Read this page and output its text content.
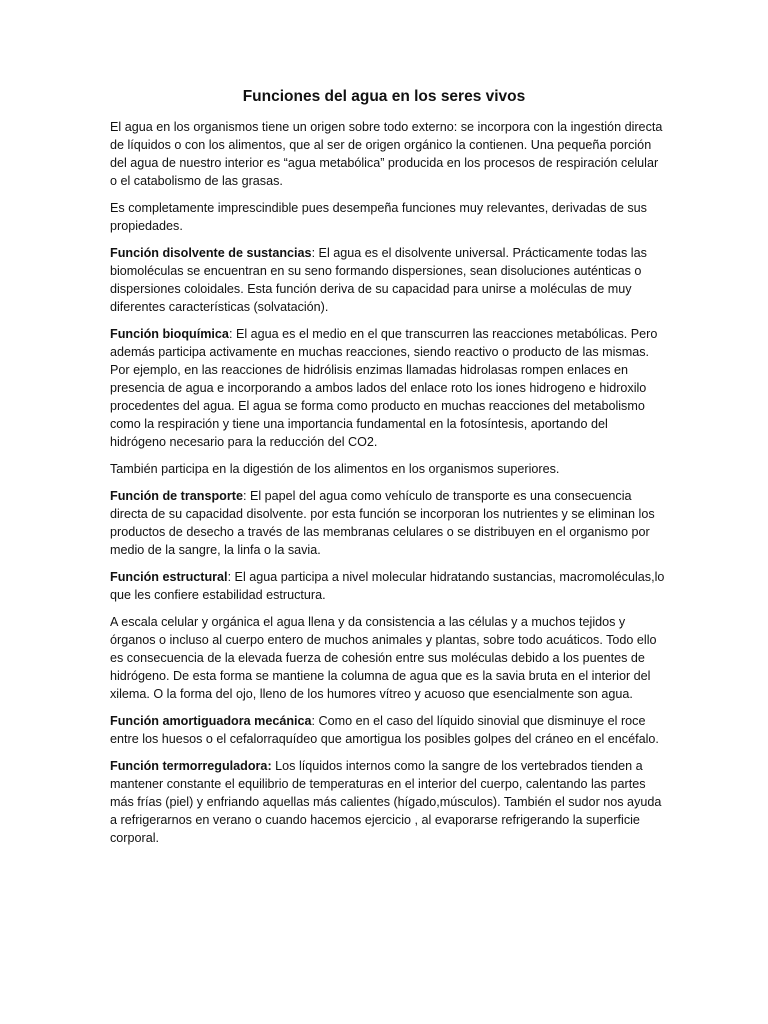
Funciones del agua en los seres vivos

El agua en los organismos tiene un origen sobre todo externo: se incorpora con la ingestión directa de líquidos o con los alimentos, que al ser de origen orgánico la contienen. Una pequeña porción del agua de nuestro interior es “agua metabólica” producida en los procesos de respiración celular o el catabolismo de las grasas.

Es completamente imprescindible pues desempeña funciones muy relevantes, derivadas de sus propiedades.

Función disolvente de sustancias: El agua es el disolvente universal. Prácticamente todas las biomoléculas se encuentran en su seno formando dispersiones, sean disoluciones auténticas o dispersiones coloidales. Esta función deriva de su capacidad para unirse a moléculas de muy diferentes características (solvatación).

Función bioquímica: El agua es el medio en el que transcurren las reacciones metabólicas. Pero además participa activamente en muchas reacciones, siendo reactivo o producto de las mismas. Por ejemplo, en las reacciones de hidrólisis enzimas llamadas hidrolasas rompen enlaces en presencia de agua e incorporando a ambos lados del enlace roto los iones hidrogeno e hidroxilo procedentes del agua. El agua se forma como producto en muchas reacciones del metabolismo como la respiración y tiene una importancia fundamental en la fotosíntesis, aportando del hidrógeno necesario para la reducción del CO2.

También participa en la digestión de los alimentos en los organismos superiores.

Función de transporte: El papel del agua como vehículo de transporte es una consecuencia directa de su capacidad disolvente. por esta función se incorporan los nutrientes y se eliminan los productos de desecho a través de las membranas celulares o se distribuyen en el organismo por medio de la sangre, la linfa o la savia.

Función estructural: El agua participa a nivel molecular hidratando sustancias, macromoléculas,lo que les confiere estabilidad estructura.

A escala celular y orgánica el agua llena y da consistencia a las células y a muchos tejidos y órganos o incluso al cuerpo entero de muchos animales y plantas, sobre todo acuáticos. Todo ello es consecuencia de la elevada fuerza de cohesión entre sus moléculas debido a los puentes de hidrógeno. De esta forma se mantiene la columna de agua que es la savia bruta en el interior del xilema. O la forma del ojo, lleno de los humores vítreo y acuoso que esencialmente son agua.

Función amortiguadora mecánica: Como en el caso del líquido sinovial que disminuye el roce entre los huesos o el cefalorraquídeo que amortigua los posibles golpes del cráneo en el encéfalo.

Función termorreguladora: Los líquidos internos como la sangre de los vertebrados tienden a mantener constante el equilibrio de temperaturas en el interior del cuerpo, calentando las partes más frías (piel) y enfriando aquellas más calientes (hígado,músculos). También el sudor nos ayuda a refrigerarnos en verano o cuando hacemos ejercicio , al evaporarse refrigerando la superficie corporal.
